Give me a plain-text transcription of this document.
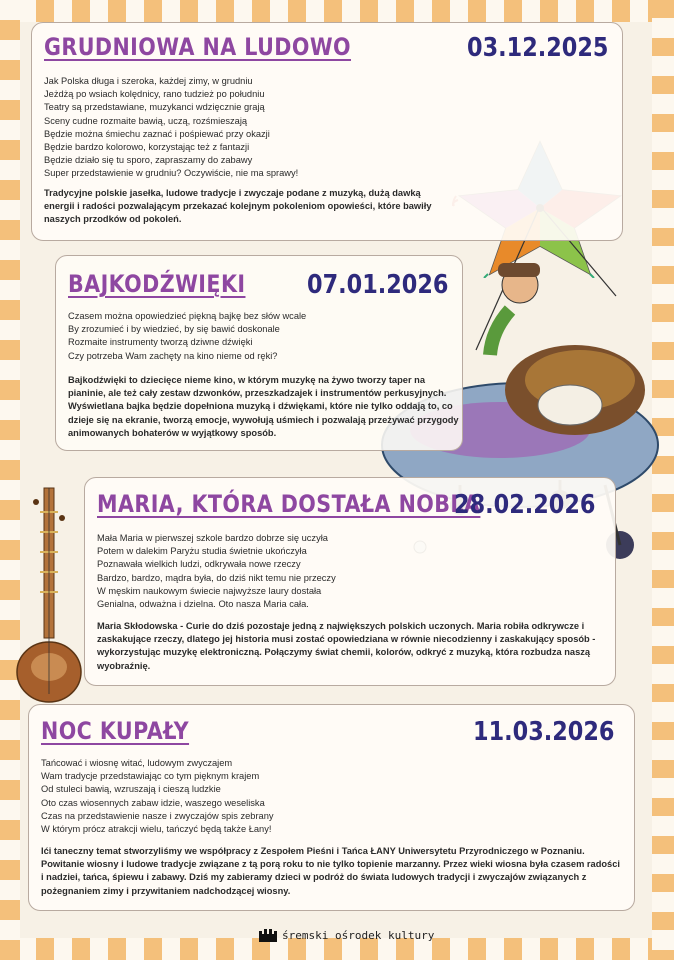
GRUDNIOWA NA LUDOWO	03.12.2025
Jak Polska długa i szeroka, każdej zimy, w grudniu
Jeżdżą po wsiach kolędnicy, rano tudzież po południu
Teatry są przedstawiane, muzykanci wdzięcznie grają
Sceny cudne rozmaite bawią, uczą, rozśmieszają
Będzie można śmiechu zaznać i pośpiewać przy okazji
Będzie bardzo kolorowo, korzystając też z fantazji
Będzie działo się tu sporo, zapraszamy do zabawy
Super przedstawienie w grudniu? Oczywiście, nie ma sprawy!

Tradycyjne polskie jasełka, ludowe tradycje i zwyczaje podane z muzyką, dużą dawką energii i radości pozwalającym przekazać kolejnym pokoleniom opowieści, które bawiły naszych przodków od pokoleń.

BAJKODŹWIĘKI 07.01.2026
Czasem można opowiedzieć piękną bajkę bez słów wcale
By zrozumieć i by wiedzieć, by się bawić doskonale
Rozmaite instrumenty tworzą dziwne dźwięki
Czy potrzeba Wam zachęty na kino nieme od ręki?

Bajkodźwięki to dziecięce nieme kino, w którym muzykę na żywo tworzy taper na pianinie, ale też cały zestaw dzwonków, przeszkadzajek i instrumentów perkusyjnych. Wyświetlana bajka będzie dopełniona muzyką i dźwiękami, które nie tylko oddają to, co dzieje się na ekranie, tworzą emocje, wywołują uśmiech i pozwalają przeżywać przygody animowanych bohaterów w wyjątkowy sposób.

MARIA, KTÓRA DOSTAŁA NOBLA
28.02.2026
Mała Maria w pierwszej szkole bardzo dobrze się uczyła
Potem w dalekim Paryżu studia świetnie ukończyła
Poznawała wielkich ludzi, odkrywała nowe rzeczy
Bardzo, bardzo, mądra była, do dziś nikt temu nie przeczy
W męskim naukowym świecie najwyższe laury dostała
Genialna, odważna i dzielna. Oto nasza Maria cała.

Maria Skłodowska - Curie do dziś pozostaje jedną z największych polskich uczonych. Maria robiła odkrywcze i zaskakujące rzeczy, dlatego jej historia musi zostać opowiedziana w równie niecodzienny i zaskakujący sposób - wykorzystując muzykę elektroniczną. Połączymy świat chemii, kolorów, odkryć z muzyką, która rozbudza naszą wyobraźnię.

NOC KUPAŁY	11.03.2026
Tańcować i wiosnę witać, ludowym zwyczajem
Wam tradycje przedstawiając co tym pięknym krajem
Od stuleci bawią, wzruszają i cieszą ludzkie
Oto czas wiosennych zabaw idzie, waszego weseliska
Czas na przedstawienie nasze i zwyczajów spis zebrany
W którym prócz atrakcji wielu, tańczyć będą także Łany!

Ići taneczny temat stworzyliśmy we współpracy z Zespołem Pieśni i Tańca ŁANY Uniwersytetu Przyrodniczego w Poznaniu. Powitanie wiosny i ludowe tradycje związane z tą porą roku to nie tylko topienie marzanny. Przez wieki wiosna była czasem radości i nadziei, tańca, śpiewu i zabawy. Dziś my zabieramy dzieci w podróż do świata ludowych tradycji i zwyczajów związanych z pożegnaniem zimy i przywitaniem nadchodzącej wiosny.

śremski ośrodek kultury
